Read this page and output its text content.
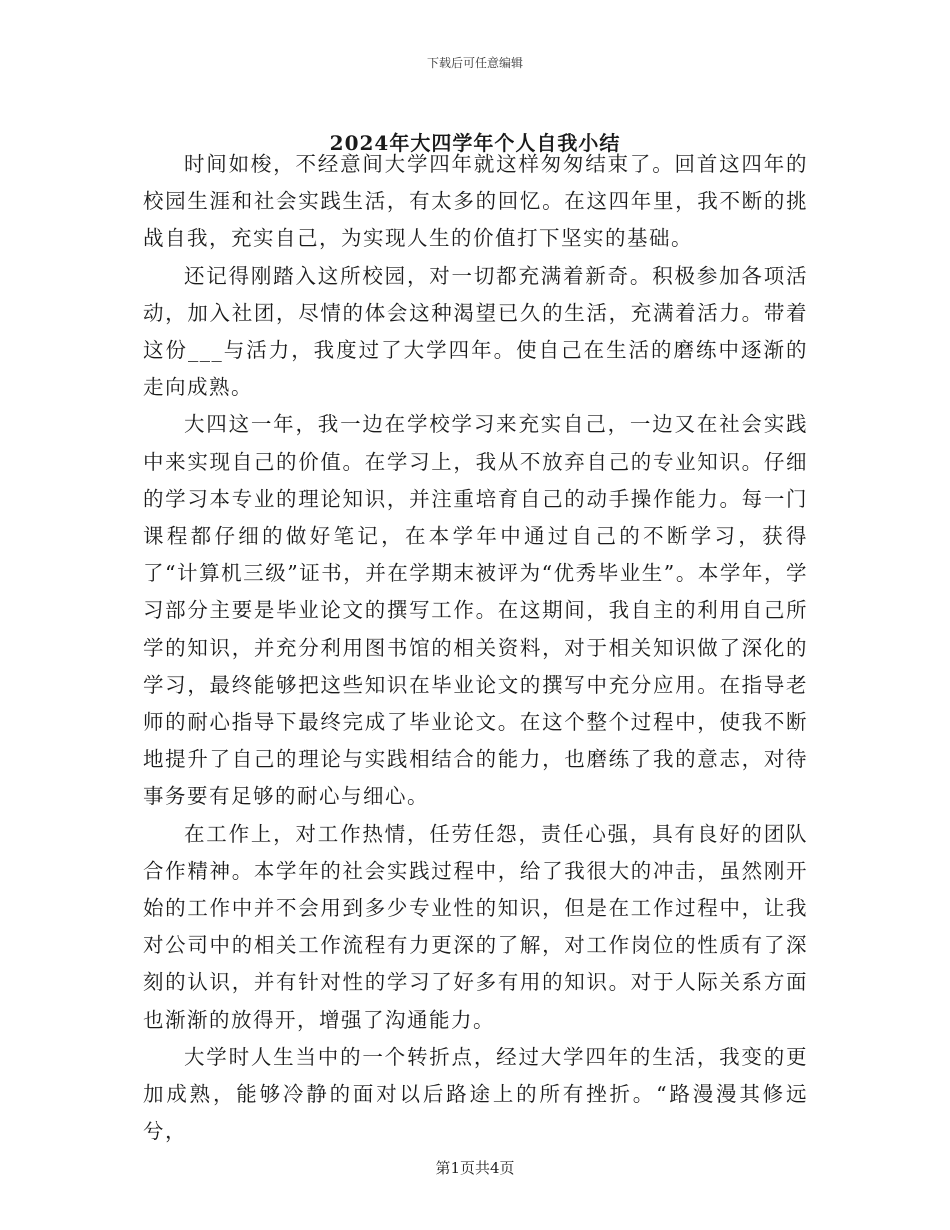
下载后可任意编辑
2024年大四学年个人自我小结

时间如梭，不经意间大学四年就这样匆匆结束了。回首这四年的校园生涯和社会实践生活，有太多的回忆。在这四年里，我不断的挑战自我，充实自己，为实现人生的价值打下坚实的基础。

还记得刚踏入这所校园，对一切都充满着新奇。积极参加各项活动，加入社团，尽情的体会这种渴望已久的生活，充满着活力。带着这份___与活力，我度过了大学四年。使自己在生活的磨练中逐渐的走向成熟。

大四这一年，我一边在学校学习来充实自己，一边又在社会实践中来实现自己的价值。在学习上，我从不放弃自己的专业知识。仔细的学习本专业的理论知识，并注重培育自己的动手操作能力。每一门课程都仔细的做好笔记，在本学年中通过自己的不断学习，获得了“计算机三级”证书，并在学期末被评为“优秀毕业生”。本学年，学习部分主要是毕业论文的撰写工作。在这期间，我自主的利用自己所学的知识，并充分利用图书馆的相关资料，对于相关知识做了深化的学习，最终能够把这些知识在毕业论文的撰写中充分应用。在指导老师的耐心指导下最终完成了毕业论文。在这个整个过程中，使我不断地提升了自己的理论与实践相结合的能力，也磨练了我的意志，对待事务要有足够的耐心与细心。

在工作上，对工作热情，任劳任怨，责任心强，具有良好的团队合作精神。本学年的社会实践过程中，给了我很大的冲击，虽然刚开始的工作中并不会用到多少专业性的知识，但是在工作过程中，让我对公司中的相关工作流程有力更深的了解，对工作岗位的性质有了深刻的认识，并有针对性的学习了好多有用的知识。对于人际关系方面也渐渐的放得开，增强了沟通能力。

大学时人生当中的一个转折点，经过大学四年的生活，我变的更加成熟，能够冷静的面对以后路途上的所有挫折。“路漫漫其修远兮，

第1页共4页
